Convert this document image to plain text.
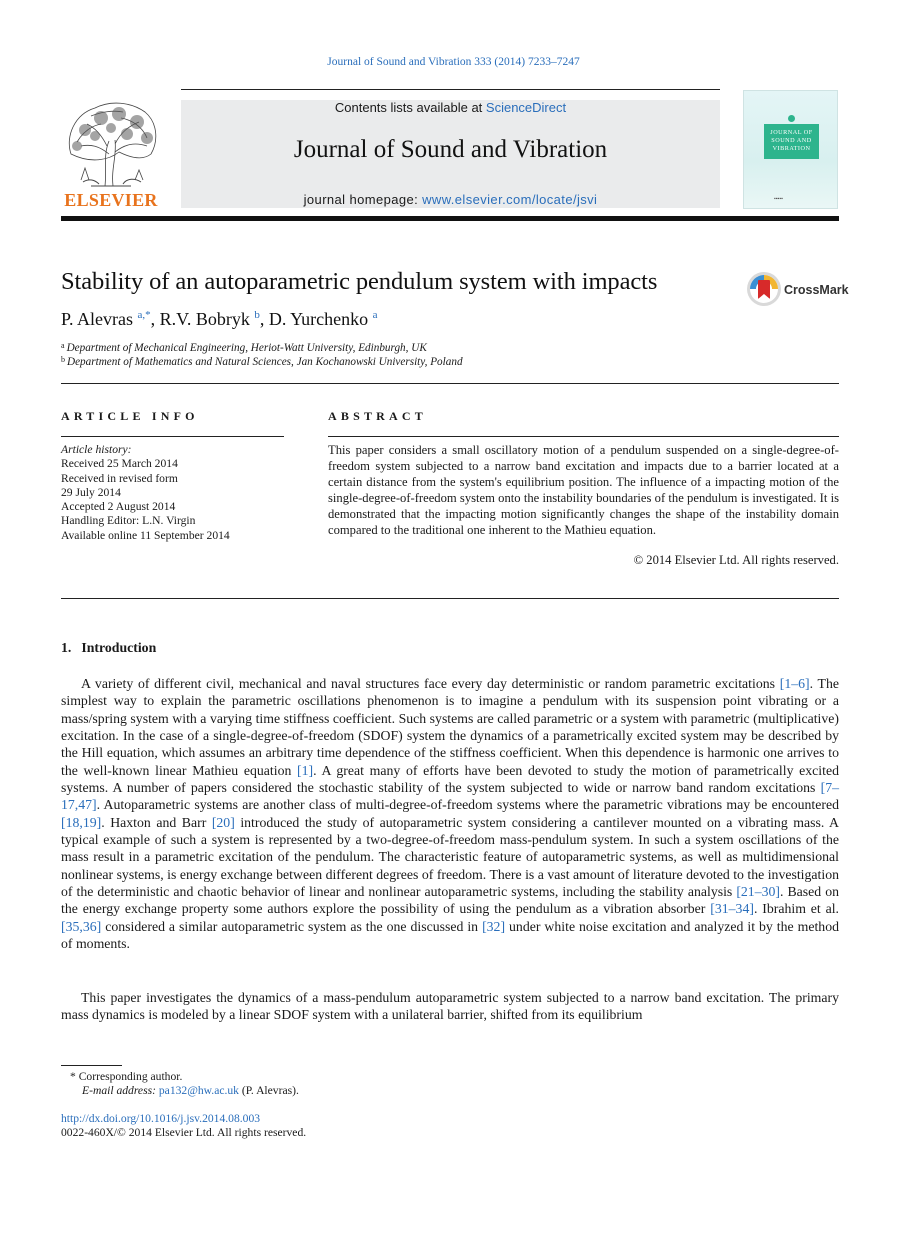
Journal of Sound and Vibration 333 (2014) 7233–7247
Contents lists available at ScienceDirect
Journal of Sound and Vibration
journal homepage: www.elsevier.com/locate/jsvi
ELSEVIER
JOURNAL OF SOUND AND VIBRATION
▪▪▪▪▪
Stability of an autoparametric pendulum system with impacts	CrossMark
P. Alevras $^{a,*}$, R.V. Bobryk $^b$, D. Yurchenko $^a$
$^a$ Department of Mechanical Engineering, Heriot-Watt University, Edinburgh, UK
$^b$ Department of Mathematics and Natural Sciences, Jan Kochanowski University, Poland
ARTICLE INFO
Article history:
Received 25 March 2014
Received in revised form
29 July 2014
Accepted 2 August 2014
Handling Editor: L.N. Virgin
Available online 11 September 2014
ABSTRACT
This paper considers a small oscillatory motion of a pendulum suspended on a single-degree-of-freedom system subjected to a narrow band excitation and impacts due to a barrier located at a certain distance from the system's equilibrium position. The influence of a impacting motion of the single-degree-of-freedom system onto the instability boundaries of the pendulum is investigated. It is demonstrated that the impacting motion significantly changes the shape of the instability domain compared to the traditional one inherent to the Mathieu equation.
© 2014 Elsevier Ltd. All rights reserved.
1. Introduction
A variety of different civil, mechanical and naval structures face every day deterministic or random parametric excitations [1–6]. The simplest way to explain the parametric oscillations phenomenon is to imagine a pendulum with its suspension point vibrating or a mass/spring system with a varying time stiffness coefficient. Such systems are called parametric or a system with parametric (multiplicative) excitation. In the case of a single-degree-of-freedom (SDOF) system the dynamics of a parametrically excited system may be described by the Hill equation, which assumes an arbitrary time dependence of the stiffness coefficient. When this dependence is harmonic one arrives to the well-known linear Mathieu equation [1]. A great many of efforts have been devoted to study the motion of parametrically excited systems. A number of papers considered the stochastic stability of the system subjected to wide or narrow band random excitations [7–17,47]. Autoparametric systems are another class of multi-degree-of-freedom systems where the parametric vibrations may be encountered [18,19]. Haxton and Barr [20] introduced the study of autoparametric system considering a cantilever mounted on a vibrating mass. A typical example of such a system is represented by a two-degree-of-freedom mass-pendulum system. In such a system oscillations of the mass result in a parametric excitation of the pendulum. The characteristic feature of autoparametric systems, as well as multidimensional nonlinear systems, is energy exchange between different degrees of freedom. There is a vast amount of literature devoted to the investigation of the deterministic and chaotic behavior of linear and nonlinear autoparametric systems, including the stability analysis [21–30]. Based on the energy exchange property some authors explore the possibility of using the pendulum as a vibration absorber [31–34]. Ibrahim et al. [35,36] considered a similar autoparametric system as the one discussed in [32] under white noise excitation and analyzed it by the method of moments.
This paper investigates the dynamics of a mass-pendulum autoparametric system subjected to a narrow band excitation. The primary mass dynamics is modeled by a linear SDOF system with a unilateral barrier, shifted from its equilibrium
* Corresponding author.
E-mail address: pa132@hw.ac.uk (P. Alevras).
http://dx.doi.org/10.1016/j.jsv.2014.08.003
0022-460X/© 2014 Elsevier Ltd. All rights reserved.
